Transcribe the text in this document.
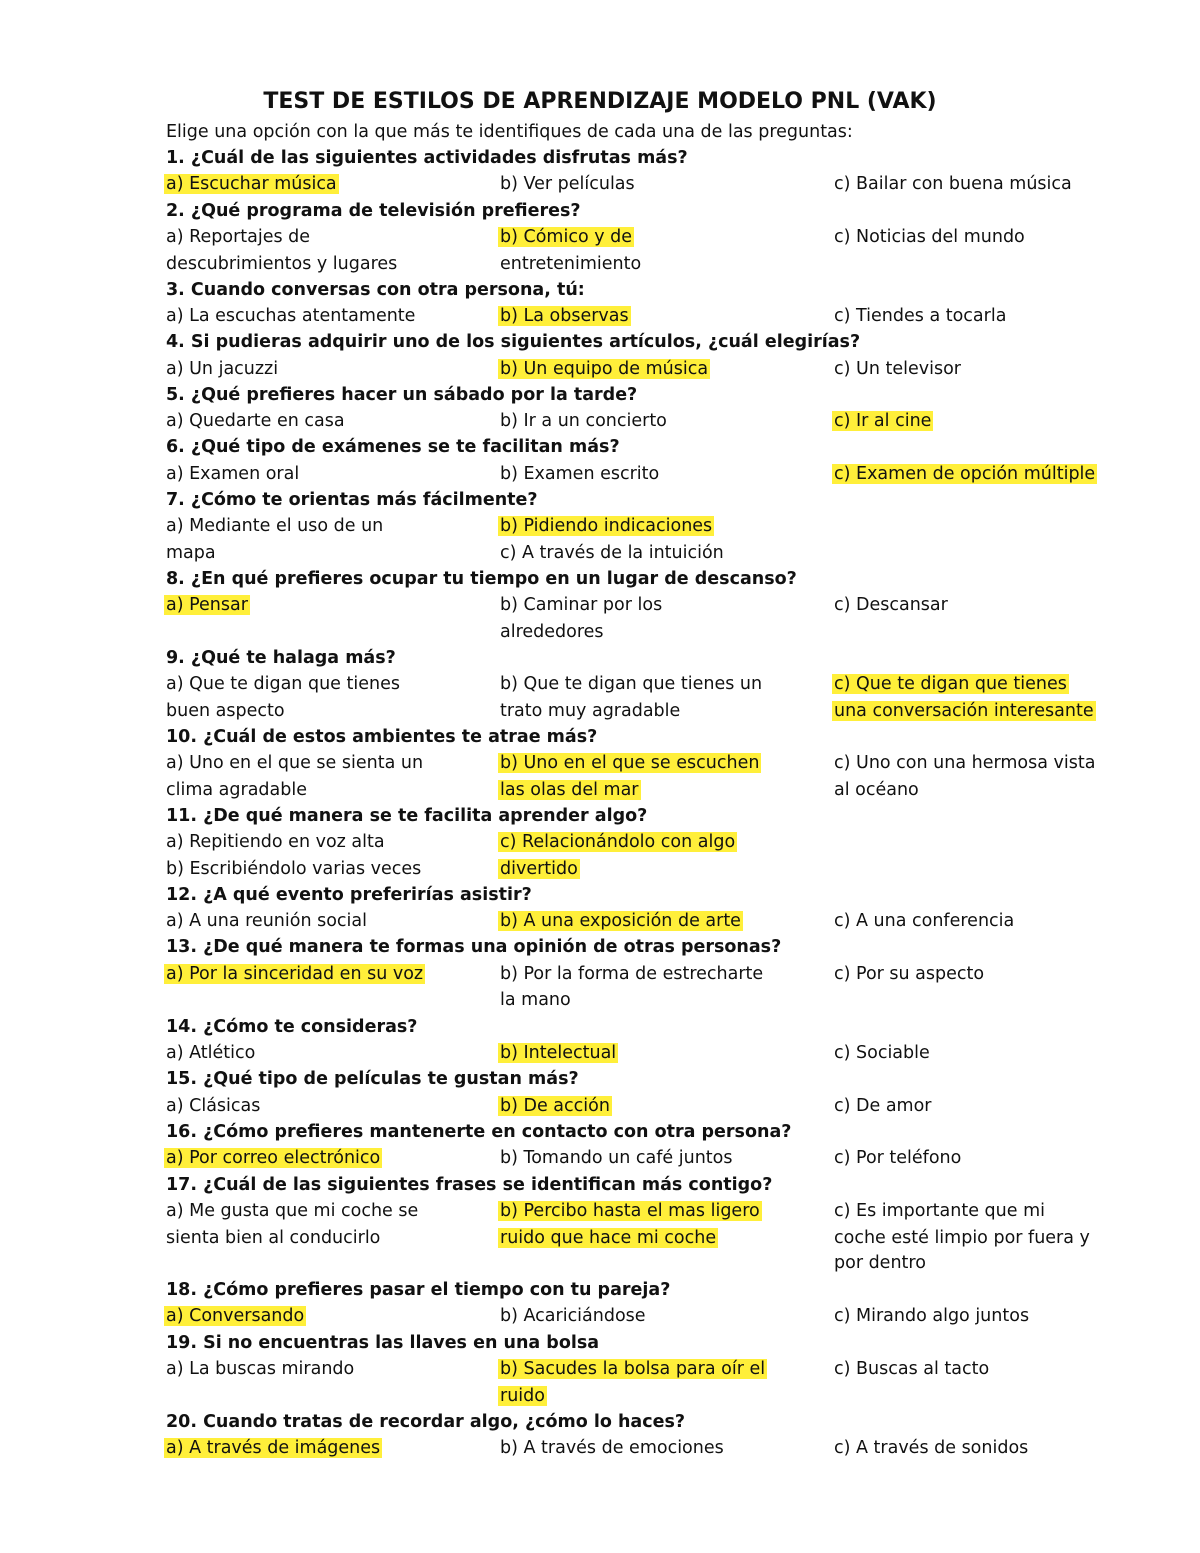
TEST DE ESTILOS DE APRENDIZAJE MODELO PNL (VAK)
Elige una opción con la que más te identifiques de cada una de las preguntas:
1. ¿Cuál de las siguientes actividades disfrutas más?
a) Escuchar música	b) Ver películas	c) Bailar con buena música
2. ¿Qué programa de televisión prefieres?
a) Reportajes de
descubrimientos y lugares
b) Cómico y de
entretenimiento
c) Noticias del mundo
3. Cuando conversas con otra persona, tú:
a) La escuchas atentamente	b) La observas	c) Tiendes a tocarla
4. Si pudieras adquirir uno de los siguientes artículos, ¿cuál elegirías?
a) Un jacuzzi	b) Un equipo de música	c) Un televisor
5. ¿Qué prefieres hacer un sábado por la tarde?
a) Quedarte en casa	b) Ir a un concierto	c) Ir al cine
6. ¿Qué tipo de exámenes se te facilitan más?
a) Examen oral	b) Examen escrito	c) Examen de opción múltiple
7. ¿Cómo te orientas más fácilmente?
a) Mediante el uso de un
mapa
b) Pidiendo indicaciones
c) A través de la intuición
8. ¿En qué prefieres ocupar tu tiempo en un lugar de descanso?
a) Pensar	b) Caminar por los
alrededores
c) Descansar
9. ¿Qué te halaga más?
a) Que te digan que tienes
buen aspecto
b) Que te digan que tienes un
trato muy agradable
c) Que te digan que tienes
una conversación interesante
10. ¿Cuál de estos ambientes te atrae más?
a) Uno en el que se sienta un
clima agradable
b) Uno en el que se escuchen
las olas del mar
c) Uno con una hermosa vista
al océano
11. ¿De qué manera se te facilita aprender algo?
a) Repitiendo en voz alta
b) Escribiéndolo varias veces
c) Relacionándolo con algo
divertido
12. ¿A qué evento preferirías asistir?
a) A una reunión social	b) A una exposición de arte	c) A una conferencia
13. ¿De qué manera te formas una opinión de otras personas?
a) Por la sinceridad en su voz	b) Por la forma de estrecharte
la mano
c) Por su aspecto
14. ¿Cómo te consideras?
a) Atlético	b) Intelectual	c) Sociable
15. ¿Qué tipo de películas te gustan más?
a) Clásicas	b) De acción	c) De amor
16. ¿Cómo prefieres mantenerte en contacto con otra persona?
a) Por correo electrónico	b) Tomando un café juntos	c) Por teléfono
17. ¿Cuál de las siguientes frases se identifican más contigo?
a) Me gusta que mi coche se
sienta bien al conducirlo
b) Percibo hasta el mas ligero
ruido que hace mi coche
c) Es importante que mi
coche esté limpio por fuera y
por dentro
18. ¿Cómo prefieres pasar el tiempo con tu pareja?
a) Conversando	b) Acariciándose	c) Mirando algo juntos
19. Si no encuentras las llaves en una bolsa
a) La buscas mirando	b) Sacudes la bolsa para oír el
ruido
c) Buscas al tacto
20. Cuando tratas de recordar algo, ¿cómo lo haces?
a) A través de imágenes	b) A través de emociones	c) A través de sonidos
